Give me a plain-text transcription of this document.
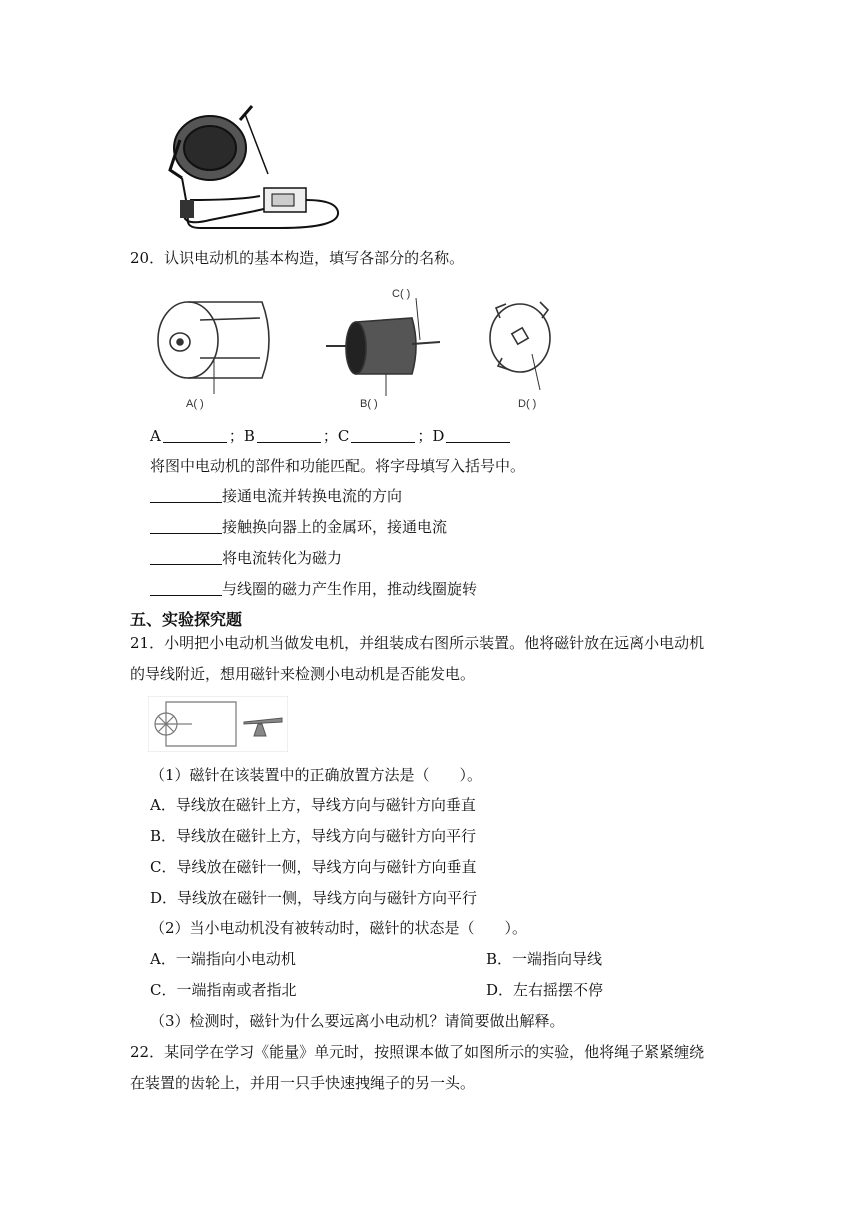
20．认识电动机的基本构造，填写各部分的名称。
A( )	B( )
C( )
D( )
A	；B	；C	；D
将图中电动机的部件和功能匹配。将字母填写入括号中。
接通电流并转换电流的方向
接触换向器上的金属环，接通电流
将电流转化为磁力
与线圈的磁力产生作用，推动线圈旋转
五、实验探究题
21．小明把小电动机当做发电机，并组装成右图所示装置。他将磁针放在远离小电动机
的导线附近，想用磁针来检测小电动机是否能发电。
（1）磁针在该装置中的正确放置方法是（　　）。
A．导线放在磁针上方，导线方向与磁针方向垂直
B．导线放在磁针上方，导线方向与磁针方向平行
C．导线放在磁针一侧，导线方向与磁针方向垂直
D．导线放在磁针一侧，导线方向与磁针方向平行
（2）当小电动机没有被转动时，磁针的状态是（　　）。
A．一端指向小电动机	B．一端指向导线
C．一端指南或者指北	D．左右摇摆不停
（3）检测时，磁针为什么要远离小电动机？请简要做出解释。
22．某同学在学习《能量》单元时，按照课本做了如图所示的实验，他将绳子紧紧缠绕
在装置的齿轮上，并用一只手快速拽绳子的另一头。
